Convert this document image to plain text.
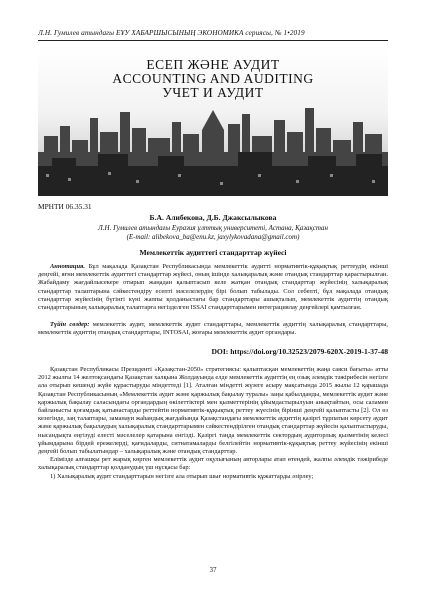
Л.Н. Гумилев атындағы ЕҰУ ХАБАРШЫСЫНЫҢ ЭКОНОМИКА сериясы, № 1•2019
ЕСЕП ЖӘНЕ АУДИТ
ACCOUNTING AND AUDITING
УЧЕТ И АУДИТ
МРНТИ 06.35.31
Б.А. Алибекова, Д.Б. Джаксылыкова
Л.Н. Гумилев атындағы Еуразия ұлттық университеті, Астана, Қазақстан
(E-mail: alibekova_ba@enu.kz, jaxylykovadana@gmail.com)
Мемлекеттік аудиттегі стандарттар жүйесі
Аннотация. Бұл мақалада Қазақстан Республикасында мемлекеттік аудитті нормативтік-құқықтық реттеудің екінші деңгейі, яғни мемлекеттік аудиттегі стандарттар жүйесі, оның ішінде халықаралық және отандық стандарттар қарастырылған. Жабайдаму жағдайлысекере отырып жаңадан қалыптасып келе жатқан отандық стандарттар жүйесінің халықаралық стандарттар талаптарына сәйкестендіру есепті мәселелердің бірі болып табылады. Сол себепті, бұл мақалада отандық стандарттар жүйесінің бүгінгі күні жаппы қолданыстағы бар стандарттары ашықталып, мемлекеттік аудиттің отандық стандарттарының халықаралық талаптарға негізделген ISSAI стандарттарымен интеграциялау деңгейлері қамтылған.
Түйін сөздер: мемлекеттік аудит, мемлекеттік аудит стандарттары, мемлекеттік аудиттің халықаралық стандарттары, мемлекеттік аудиттің отандық стандарттары, INTOSAI, жоғары мемлекеттік аудит органдары.
DOI: https://doi.org/10.32523/2079-620X-2019-1-37-48

Қазақстан Республикасы Президенті «Қазақстан-2050» стратегиясы: қалыптасқан мемлекеттің жаңа саяси бағыты» атты 2012 жылғы 14 желтоқсандағы Қазақстан халқына Жолдауында елде мемлекеттік аудиттің ең озық әлемдік тәжірибесін негізге ала отырып кешенді жүйе құрастыруды міндеттеді [1]. Аталған міндетті жүзеге асыру мақсатында 2015 жылы 12 қарашада Қазақстан Республикасының «Мемлекеттік аудит және қаржылық бақылау туралы» заңы қабылданды, мемлекеттік аудит және қаржылық бақылау саласындағы органдардың өкілеттіктері мен қызметтерінің ұйымдастырылуын анықтайтын, осы саламен байланысты қоғамдық қатынастарды реттейтін нормативтік-құқықтық реттеу жүесінің бірінші деңгейі қалыптасты [2]. Ол өз кезегінде, заң талаптары, заманауи жаһандық жағдайында Қазақстандағы мемлекеттік аудиттің қазіргі тұрпатын көрсету аудит және қаржылық бақылаудың халықаралық стандарттарымен сәйкестендірілген отандық стандарттар жүйесін қалыптастыруды, нысандықта еңгізуді елесті мәселелер қатарына енгізді. Қазіргі таңда мемлекеттік сектордың аудиторлық қызметінің келесі ұйымдарына бірдей ережелерді, қағидаларды, ситнатамаларды белгілейтін нормативтік-құқықтық реттеу жүйесінің екінші деңгейі болып табылатындар – халықаралық және отандық стандарттар.

Елімізде алғашқы рет жарық көрген мемлекеттік аудит оқулығының авторлары атап өтендей, жалпы әлемдік тәжірибеде халықаралық стандарттар қолданудың үш нұсқасы бар:

1) Халықаралық аудит стандарттарын негізге ала отырып шығ нормативтік құжаттарды әзірлеу;

37
